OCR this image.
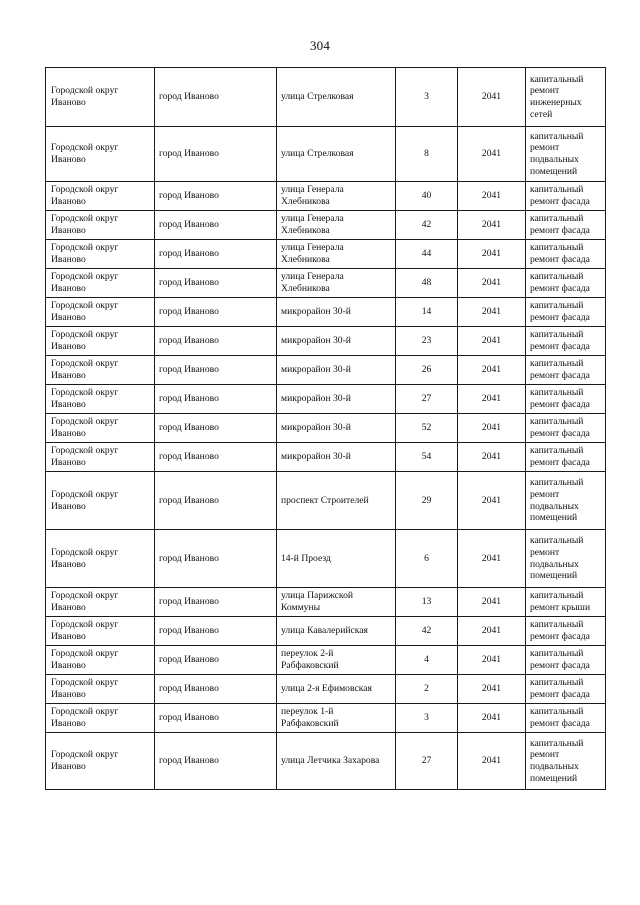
304
Городской округ Иваново	город Иваново	улица Стрелковая	3	2041	капитальный ремонт инженерных сетей
Городской округ Иваново	город Иваново	улица Стрелковая	8	2041	капитальный ремонт подвальных помещений
Городской округ Иваново	город Иваново	улица Генерала Хлебникова	40	2041	капитальный ремонт фасада
Городской округ Иваново	город Иваново	улица Генерала Хлебникова	42	2041	капитальный ремонт фасада
Городской округ Иваново	город Иваново	улица Генерала Хлебникова	44	2041	капитальный ремонт фасада
Городской округ Иваново	город Иваново	улица Генерала Хлебникова	48	2041	капитальный ремонт фасада
Городской округ Иваново	город Иваново	микрорайон 30-й	14	2041	капитальный ремонт фасада
Городской округ Иваново	город Иваново	микрорайон 30-й	23	2041	капитальный ремонт фасада
Городской округ Иваново	город Иваново	микрорайон 30-й	26	2041	капитальный ремонт фасада
Городской округ Иваново	город Иваново	микрорайон 30-й	27	2041	капитальный ремонт фасада
Городской округ Иваново	город Иваново	микрорайон 30-й	52	2041	капитальный ремонт фасада
Городской округ Иваново	город Иваново	микрорайон 30-й	54	2041	капитальный ремонт фасада
Городской округ Иваново	город Иваново	проспект Строителей	29	2041	капитальный ремонт подвальных помещений
Городской округ Иваново	город Иваново	14-й Проезд	6	2041	капитальный ремонт подвальных помещений
Городской округ Иваново	город Иваново	улица Парижской Коммуны	13	2041	капитальный ремонт крыши
Городской округ Иваново	город Иваново	улица Кавалерийская	42	2041	капитальный ремонт фасада
Городской округ Иваново	город Иваново	переулок 2-й Рабфаковский	4	2041	капитальный ремонт фасада
Городской округ Иваново	город Иваново	улица 2-я Ефимовская	2	2041	капитальный ремонт фасада
Городской округ Иваново	город Иваново	переулок 1-й Рабфаковский	3	2041	капитальный ремонт фасада
Городской округ Иваново	город Иваново	улица Летчика Захарова	27	2041	капитальный ремонт подвальных помещений
